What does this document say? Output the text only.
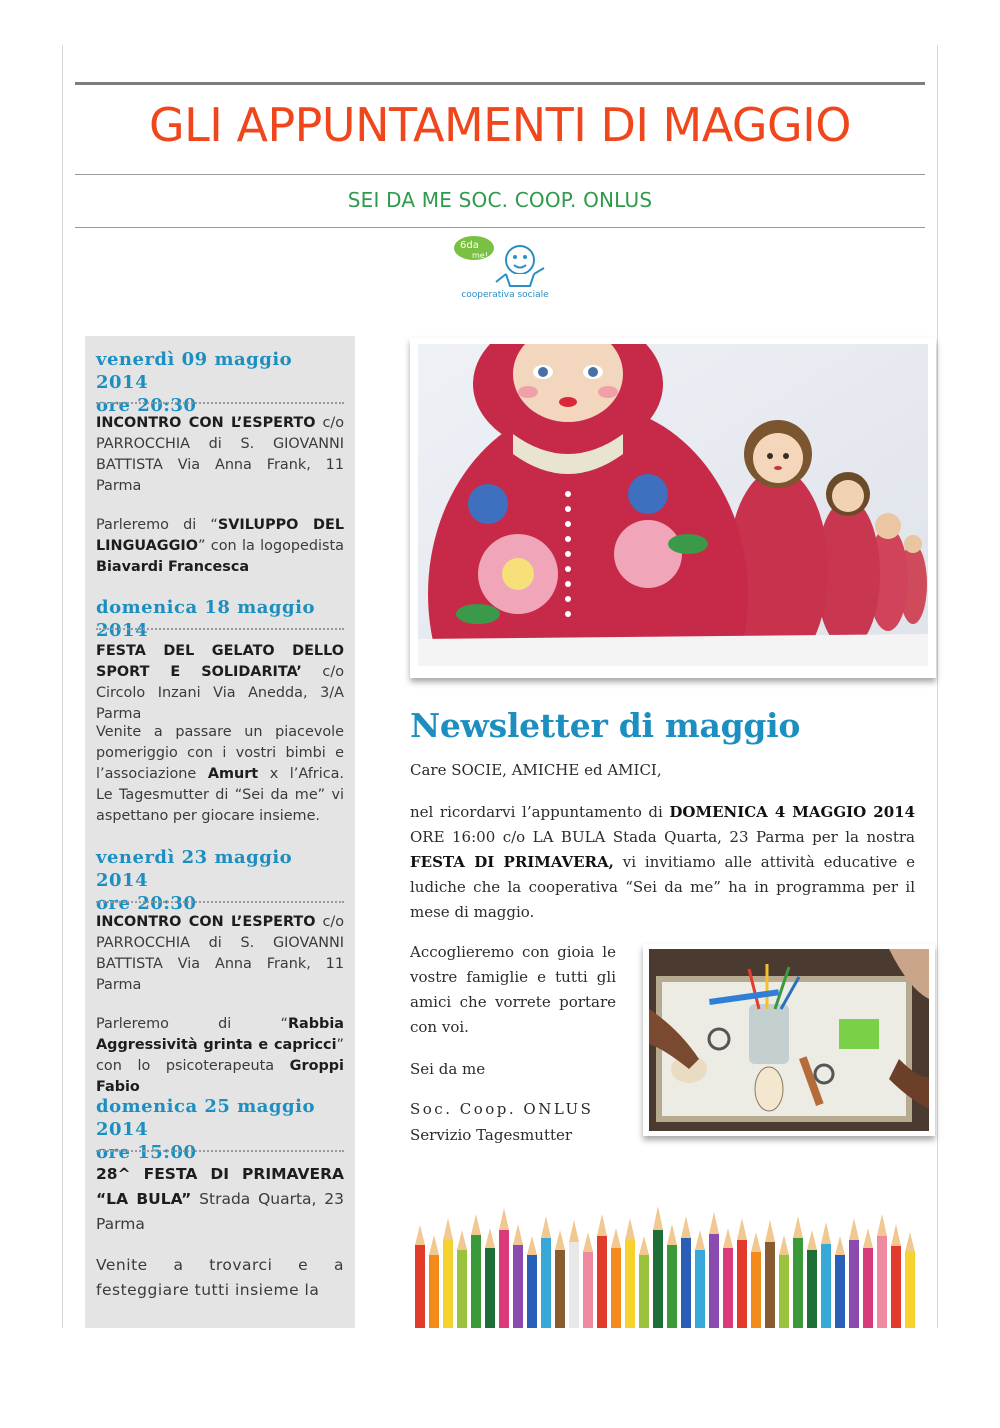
GLI APPUNTAMENTI DI MAGGIO
SEI DA ME SOC. COOP. ONLUS
6da
me!
cooperativa sociale
venerdì 09 maggio 2014
ore 20:30
INCONTRO CON L’ESPERTO c/o PARROCCHIA di S. GIOVANNI BATTISTA Via Anna Frank, 11 Parma
Parleremo di “SVILUPPO DEL LINGUAGGIO” con la logopedista Biavardi Francesca
domenica 18 maggio 2014
FESTA DEL GELATO DELLO SPORT E SOLIDARITA’ c/o Circolo Inzani Via Anedda, 3/A Parma
Venite a passare un piacevole pomeriggio con i vostri bimbi e l’associazione Amurt x l’Africa. Le Tagesmutter di “Sei da me” vi aspettano per giocare insieme.
venerdì 23 maggio 2014
ore 20:30
INCONTRO CON L’ESPERTO c/o PARROCCHIA di S. GIOVANNI BATTISTA Via Anna Frank, 11 Parma
Parleremo di “Rabbia Aggressività grinta e capricci” con lo psicoterapeuta Groppi Fabio
domenica 25 maggio 2014
ore 15:00
28^ FESTA DI PRIMAVERA “LA BULA” Strada Quarta, 23 Parma
Venite a trovarci e a festeggiare tutti insieme la
Newsletter di maggio
Care SOCIE, AMICHE ed AMICI,
nel ricordarvi l’appuntamento di DOMENICA 4 MAGGIO 2014 ORE 16:00 c/o LA BULA Stada Quarta, 23 Parma per la nostra FESTA DI PRIMAVERA, vi invitiamo alle attività educative e ludiche che la cooperativa “Sei da me” ha in programma per il mese di maggio.
Accoglieremo con gioia le vostre famiglie e tutti gli amici che vorrete portare con voi.
Sei da me
Soc. Coop. ONLUS
Servizio Tagesmutter
